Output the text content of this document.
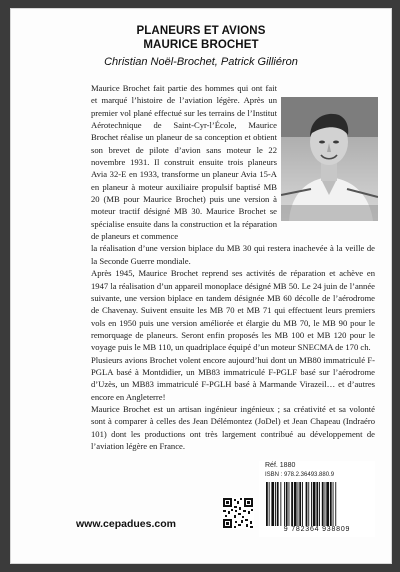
PLANEURS ET AVIONS
MAURICE BROCHET
Christian Noël-Brochet, Patrick Gilliéron

Maurice Brochet fait partie des hommes qui ont fait et marqué l’histoire de l’aviation légère. Après un premier vol plané effectué sur les terrains de l’Institut Aérotechnique de Saint-Cyr-l’École, Maurice Brochet réalise un planeur de sa conception et obtient son brevet de pilote d’avion sans moteur le 22 novembre 1931. Il construit ensuite trois planeurs Avia 32-E en 1933, transforme un planeur Avia 15-A en planeur à moteur auxiliaire propulsif baptisé MB 20 (MB pour Maurice Brochet) puis une version à moteur tractif désigné MB 30. Maurice Brochet se spécialise ensuite dans la construction et la réparation de planeurs et commence

la réalisation d’une version biplace du MB 30 qui restera inachevée à la veille de la Seconde Guerre mondiale.

Après 1945, Maurice Brochet reprend ses activités de réparation et achève en 1947 la réalisation d’un appareil monoplace désigné MB 50. Le 24 juin de l’année suivante, une version biplace en tandem désignée MB 60 décolle de l’aérodrome de Chavenay. Suivent ensuite les MB 70 et MB 71 qui effectuent leurs premiers vols en 1950 puis une version améliorée et élargie du MB 70, le MB 90 pour le remorquage de planeurs. Seront enfin proposés les MB 100 et MB 120 pour le voyage puis le MB 110, un quadriplace équipé d’un moteur SNECMA de 170 ch.

Plusieurs avions Brochet volent encore aujourd’hui dont un MB80 immatriculé F-PGLA basé à Montdidier, un MB83 immatriculé F-PGLF basé sur l’aérodrome d’Uzès, un MB83 immatriculé F-PGLH basé à Marmande Virazeil… et d’autres encore en Angleterre!

Maurice Brochet est un artisan ingénieur ingénieux ; sa créativité et sa volonté sont à comparer à celles des Jean Délémontez (JoDel) et Jean Chapeau (Indraéro 101) dont les productions ont très largement contribué au développement de l’aviation légère en France.

www.cepadues.com
Réf. 1880
ISBN : 978.2.36493.880.9
9 782364 938809
